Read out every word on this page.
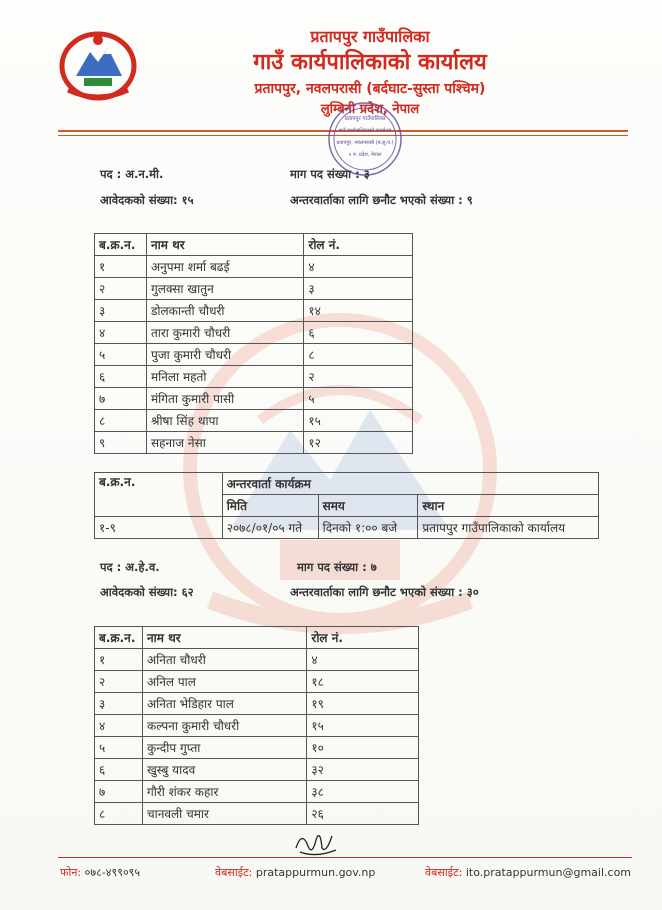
प्रतापपुर गाउँपालिका
गाउँ कार्यपालिकाको कार्यालय
प्रतापपुर, नवलपरासी (बर्दघाट-सुस्ता पश्चिम)
लुम्बिनी प्रदेश, नेपाल
प्रतापपुर गाउँपालिका
गाउँ कार्यपालिकाको कार्यालय
प्रतापपुर, नवलपरासी (ब.सु.प.)
५ नं. प्रदेश, नेपाल
पद : अ.न.मी.	माग पद संख्या : ३
आवेदकको संख्या: १५	अन्तरवार्ताका लागि छनौट भएको संख्या : ९
ब.क्र.न.	नाम थर	रोल नं.
१	अनुपमा शर्मा बढई	४
२	गुलक्सा खातुन	३
३	डोलकान्ती चौधरी	१४
४	तारा कुमारी चौधरी	६
५	पुजा कुमारी चौधरी	८
६	मनिला महतो	२
७	मंगिता कुमारी पासी	५
८	श्रीषा सिंह थापा	१५
९	सहनाज नेसा	१२
ब.क्र.न.	अन्तरवार्ता कार्यक्रम		
	मिति	समय	स्थान
१-९	२०७८/०१/०५ गते	दिनको १:०० बजे	प्रतापपुर गाउँपालिकाको कार्यालय
पद : अ.हे.व.	माग पद संख्या : ७
आवेदकको संख्या: ६२	अन्तरवार्ताका लागि छनौट भएको संख्या : ३०
ब.क्र.न.	नाम थर	रोल नं.
१	अनिता चौधरी	४
२	अनिल पाल	१८
३	अनिता भेडिहार पाल	१९
४	कल्पना कुमारी चौधरी	१५
५	कुन्दीप गुप्ता	१०
६	खुस्बु यादव	३२
७	गौरी शंकर कहार	३८
८	चानवली चमार	२६
फोन: ०७८-४९९०९५	वेबसाईट: pratappurmun.gov.np	वेबसाईट: ito.pratappurmun@gmail.com
